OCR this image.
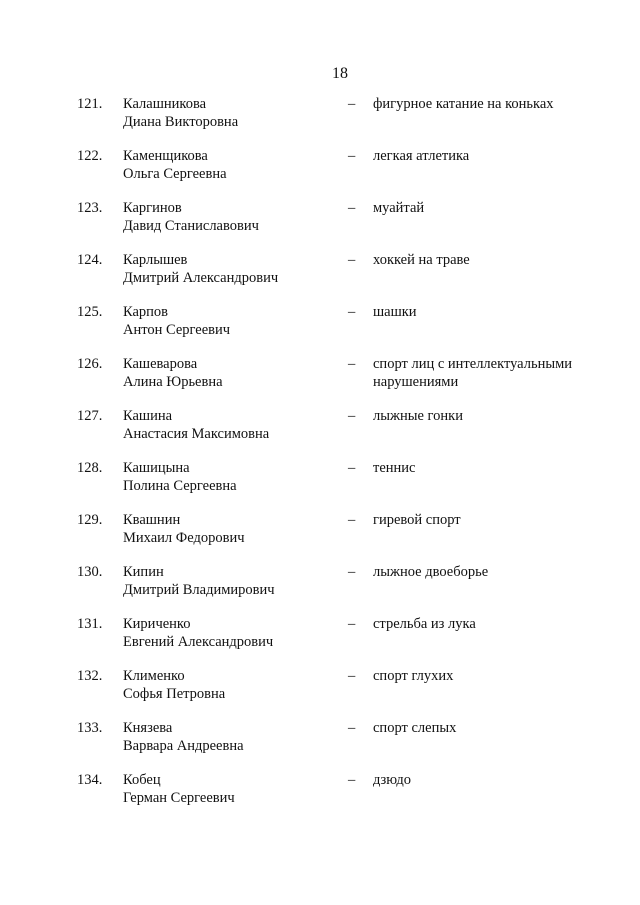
18
121. Калашникова
Диана Викторовна
– фигурное катание на коньках
122. Каменщикова
Ольга Сергеевна
– легкая атлетика
123. Каргинов
Давид Станиславович
– муайтай
124. Карлышев
Дмитрий Александрович
– хоккей на траве
125. Карпов
Антон Сергеевич
– шашки
126. Кашеварова
Алина Юрьевна
– спорт лиц с интеллектуальными нарушениями
127. Кашина
Анастасия Максимовна
– лыжные гонки
128. Кашицына
Полина Сергеевна
– теннис
129. Квашнин
Михаил Федорович
– гиревой спорт
130. Кипин
Дмитрий Владимирович
– лыжное двоеборье
131. Кириченко
Евгений Александрович
– стрельба из лука
132. Клименко
Софья Петровна
– спорт глухих
133. Князева
Варвара Андреевна
– спорт слепых
134. Кобец
Герман Сергеевич
– дзюдо
